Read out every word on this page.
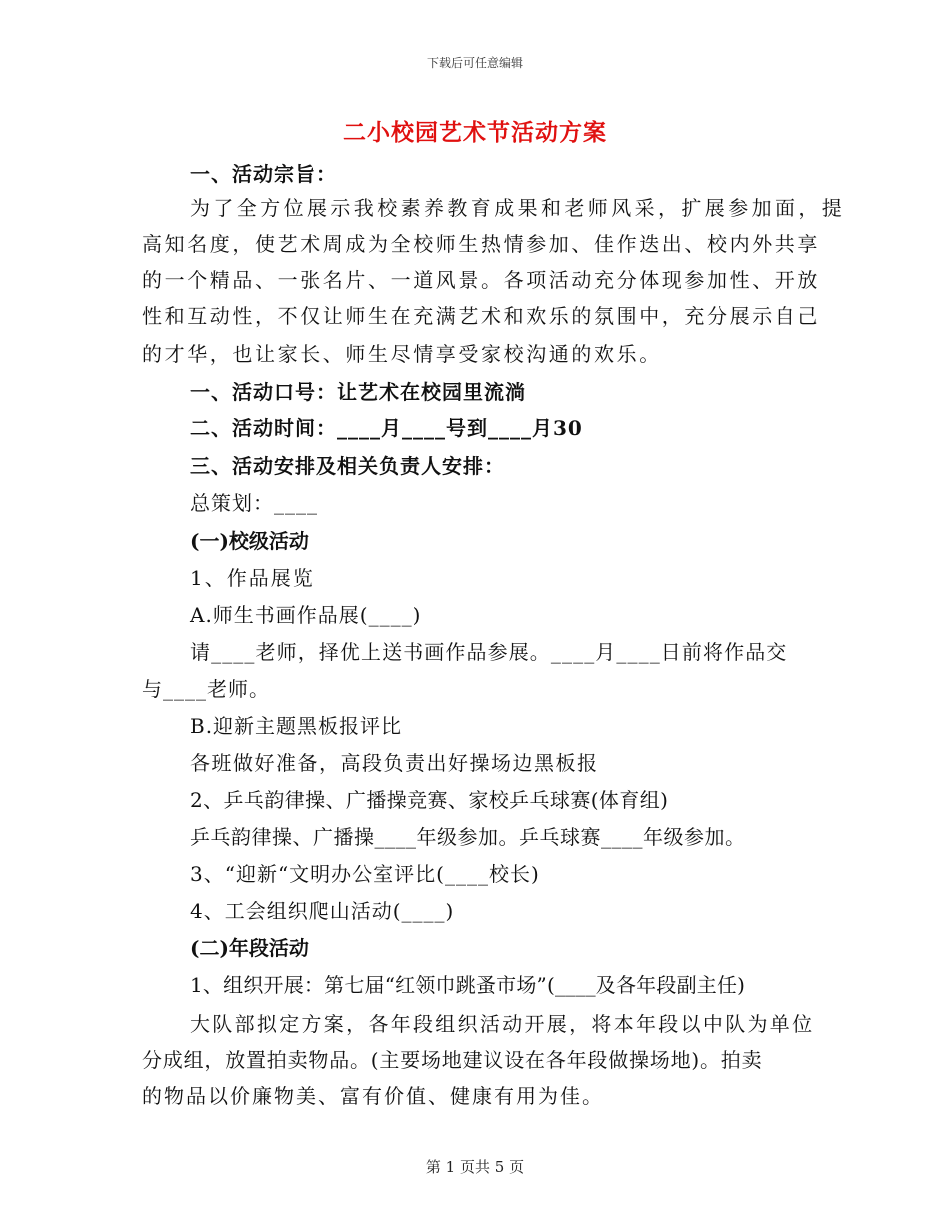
下载后可任意编辑
二小校园艺术节活动方案
一、活动宗旨：
为了全方位展示我校素养教育成果和老师风采，扩展参加面，提
高知名度，使艺术周成为全校师生热情参加、佳作迭出、校内外共享
的一个精品、一张名片、一道风景。各项活动充分体现参加性、开放
性和互动性，不仅让师生在充满艺术和欢乐的氛围中，充分展示自己
的才华，也让家长、师生尽情享受家校沟通的欢乐。
一、活动口号：让艺术在校园里流淌
二、活动时间：____月____号到____月30
三、活动安排及相关负责人安排：
总策划：____
(一)校级活动
1、作品展览
A.师生书画作品展(____)
请____老师，择优上送书画作品参展。____月____日前将作品交
与____老师。
B.迎新主题黑板报评比
各班做好准备，高段负责出好操场边黑板报
2、乒乓韵律操、广播操竞赛、家校乒乓球赛(体育组)
乒乓韵律操、广播操____年级参加。乒乓球赛____年级参加。
3、“迎新“文明办公室评比(____校长)
4、工会组织爬山活动(____)
(二)年段活动
1、组织开展：第七届“红领巾跳蚤市场”(____及各年段副主任)
大队部拟定方案，各年段组织活动开展，将本年段以中队为单位
分成组，放置拍卖物品。(主要场地建议设在各年段做操场地)。拍卖
的物品以价廉物美、富有价值、健康有用为佳。
第 1 页共 5 页
